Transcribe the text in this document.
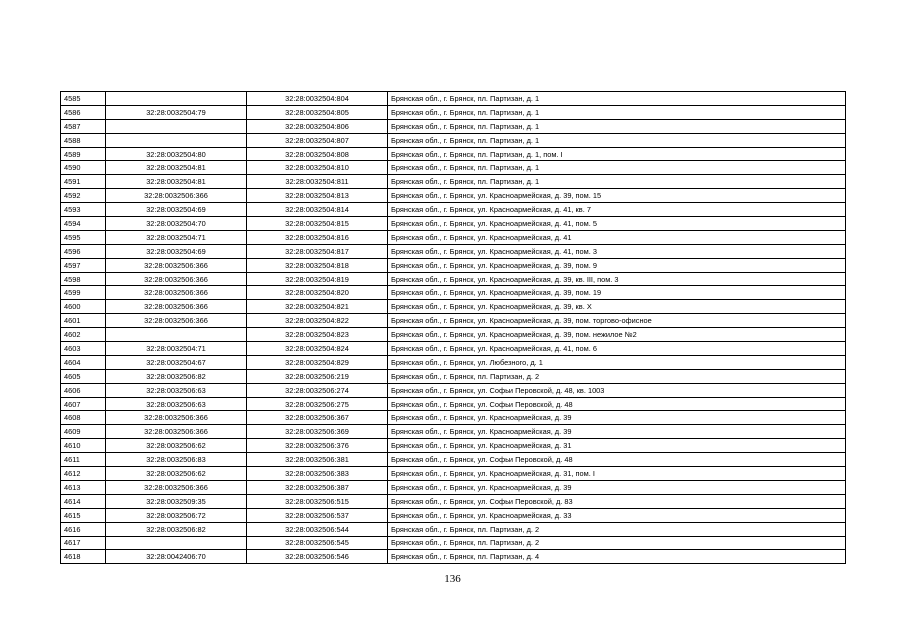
4585		32:28:0032504:804	Брянская обл., г. Брянск, пл. Партизан, д. 1
4586	32:28:0032504:79	32:28:0032504:805	Брянская обл., г. Брянск, пл. Партизан, д. 1
4587		32:28:0032504:806	Брянская обл., г. Брянск, пл. Партизан, д. 1
4588		32:28:0032504:807	Брянская обл., г. Брянск, пл. Партизан, д. 1
4589	32:28:0032504:80	32:28:0032504:808	Брянская обл., г. Брянск, пл. Партизан, д. 1, пом. I
4590	32:28:0032504:81	32:28:0032504:810	Брянская обл., г. Брянск, пл. Партизан, д. 1
4591	32:28:0032504:81	32:28:0032504:811	Брянская обл., г. Брянск, пл. Партизан, д. 1
4592	32:28:0032506:366	32:28:0032504:813	Брянская обл., г. Брянск, ул. Красноармейская, д. 39, пом. 15
4593	32:28:0032504:69	32:28:0032504:814	Брянская обл., г. Брянск, ул. Красноармейская, д. 41, кв. 7
4594	32:28:0032504:70	32:28:0032504:815	Брянская обл., г. Брянск, ул. Красноармейская, д. 41, пом. 5
4595	32:28:0032504:71	32:28:0032504:816	Брянская обл., г. Брянск, ул. Красноармейская, д. 41
4596	32:28:0032504:69	32:28:0032504:817	Брянская обл., г. Брянск, ул. Красноармейская, д. 41, пом. 3
4597	32:28:0032506:366	32:28:0032504:818	Брянская обл., г. Брянск, ул. Красноармейская, д. 39, пом. 9
4598	32:28:0032506:366	32:28:0032504:819	Брянская обл., г. Брянск, ул. Красноармейская, д. 39, кв. III, пом. 3
4599	32:28:0032506:366	32:28:0032504:820	Брянская обл., г. Брянск, ул. Красноармейская, д. 39, пом. 19
4600	32:28:0032506:366	32:28:0032504:821	Брянская обл., г. Брянск, ул. Красноармейская, д. 39, кв. X
4601	32:28:0032506:366	32:28:0032504:822	Брянская обл., г. Брянск, ул. Красноармейская, д. 39, пом. торгово-офисное
4602		32:28:0032504:823	Брянская обл., г. Брянск, ул. Красноармейская, д. 39, пом. нежилое №2
4603	32:28:0032504:71	32:28:0032504:824	Брянская обл., г. Брянск, ул. Красноармейская, д. 41, пом. 6
4604	32:28:0032504:67	32:28:0032504:829	Брянская обл., г. Брянск, ул. Любезного, д. 1
4605	32:28:0032506:82	32:28:0032506:219	Брянская обл., г. Брянск, пл. Партизан, д. 2
4606	32:28:0032506:63	32:28:0032506:274	Брянская обл., г. Брянск, ул. Софьи Перовской, д. 48, кв. 1003
4607	32:28:0032506:63	32:28:0032506:275	Брянская обл., г. Брянск, ул. Софьи Перовской, д. 48
4608	32:28:0032506:366	32:28:0032506:367	Брянская обл., г. Брянск, ул. Красноармейская, д. 39
4609	32:28:0032506:366	32:28:0032506:369	Брянская обл., г. Брянск, ул. Красноармейская, д. 39
4610	32:28:0032506:62	32:28:0032506:376	Брянская обл., г. Брянск, ул. Красноармейская, д. 31
4611	32:28:0032506:83	32:28:0032506:381	Брянская обл., г. Брянск, ул. Софьи Перовской, д. 48
4612	32:28:0032506:62	32:28:0032506:383	Брянская обл., г. Брянск, ул. Красноармейская, д. 31, пом. I
4613	32:28:0032506:366	32:28:0032506:387	Брянская обл., г. Брянск, ул. Красноармейская, д. 39
4614	32:28:0032509:35	32:28:0032506:515	Брянская обл., г. Брянск, ул. Софьи Перовской, д. 83
4615	32:28:0032506:72	32:28:0032506:537	Брянская обл., г. Брянск, ул. Красноармейская, д. 33
4616	32:28:0032506:82	32:28:0032506:544	Брянская обл., г. Брянск, пл. Партизан, д. 2
4617		32:28:0032506:545	Брянская обл., г. Брянск, пл. Партизан, д. 2
4618	32:28:0042406:70	32:28:0032506:546	Брянская обл., г. Брянск, пл. Партизан, д. 4
136
